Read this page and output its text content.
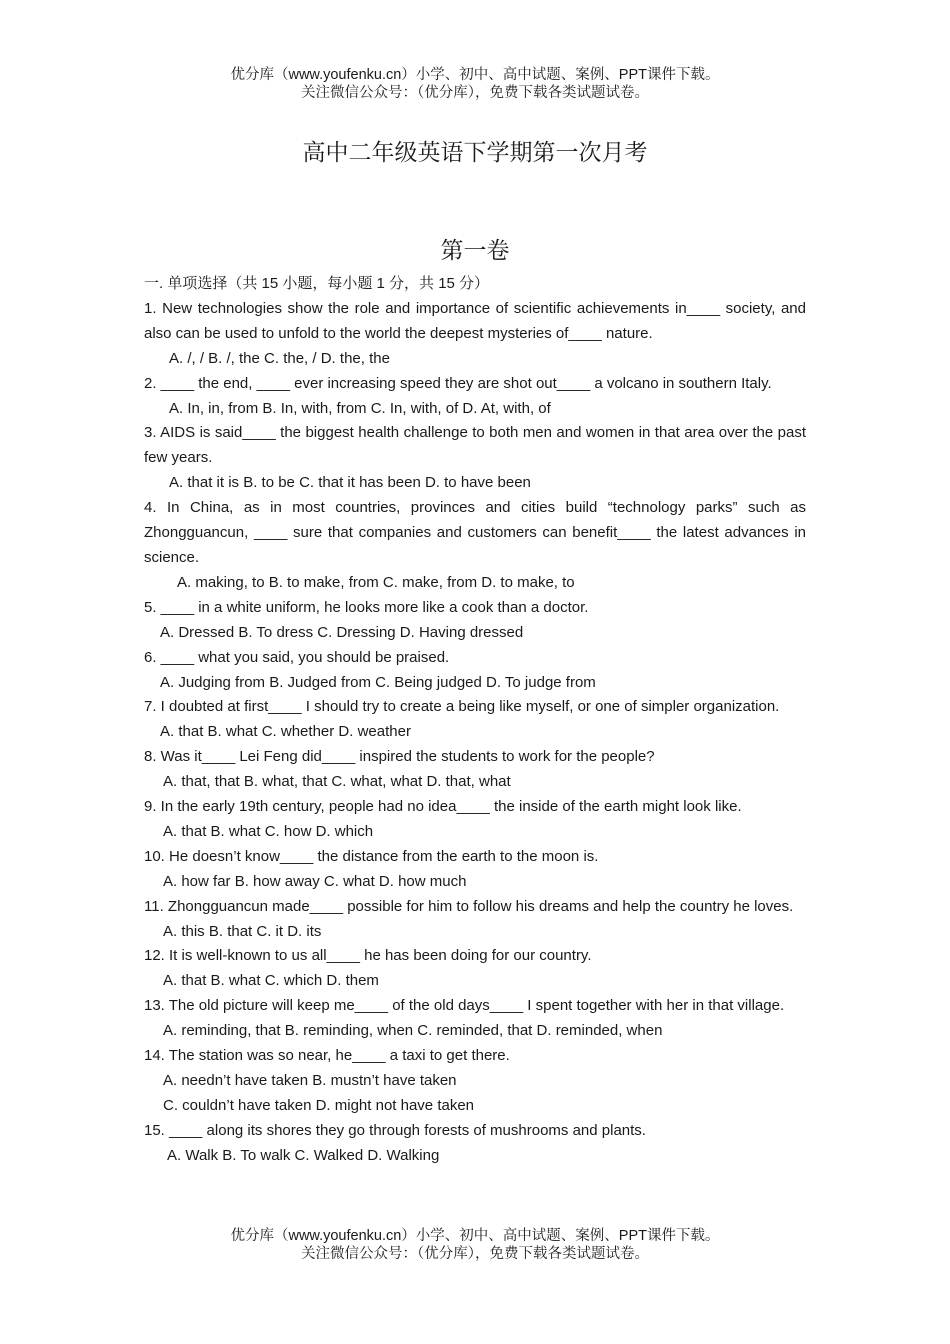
优分库（www.youfenku.cn）小学、初中、高中试题、案例、PPT课件下载。
关注微信公众号：（优分库），免费下载各类试题试卷。
高中二年级英语下学期第一次月考
第一卷
一. 单项选择（共 15 小题，每小题 1 分，共 15 分）
1. New technologies show the role and importance of scientific achievements in____ society, and also can be used to unfold to the world the deepest mysteries of____ nature.
A. /, / B. /, the C. the, / D. the, the
2. ____ the end, ____ ever increasing speed they are shot out____ a volcano in southern Italy.
A. In, in, from B. In, with, from C. In, with, of D. At, with, of
3. AIDS is said____ the biggest health challenge to both men and women in that area over the past few years.
A. that it is B. to be C. that it has been D. to have been
4. In China, as in most countries, provinces and cities build “technology parks” such as Zhongguancun, ____ sure that companies and customers can benefit____ the latest advances in science.
A. making, to B. to make, from C. make, from D. to make, to
5. ____ in a white uniform, he looks more like a cook than a doctor.
A. Dressed B. To dress C. Dressing D. Having dressed
6. ____ what you said, you should be praised.
A. Judging from B. Judged from C. Being judged D. To judge from
7. I doubted at first____ I should try to create a being like myself, or one of simpler organization.
A. that B. what C. whether D. weather
8. Was it____ Lei Feng did____ inspired the students to work for the people?
A. that, that B. what, that C. what, what D. that, what
9. In the early 19th century, people had no idea____ the inside of the earth might look like.
A. that B. what C. how D. which
10. He doesn’t know____ the distance from the earth to the moon is.
A. how far B. how away C. what D. how much
11. Zhongguancun made____ possible for him to follow his dreams and help the country he loves.
A. this B. that C. it D. its
12. It is well-known to us all____ he has been doing for our country.
A. that B. what C. which D. them
13. The old picture will keep me____ of the old days____ I spent together with her in that village.
A. reminding, that B. reminding, when C. reminded, that D. reminded, when
14. The station was so near, he____ a taxi to get there.
A. needn’t have taken B. mustn’t have taken
C. couldn’t have taken D. might not have taken
15. ____ along its shores they go through forests of mushrooms and plants.
A. Walk B. To walk C. Walked D. Walking
优分库（www.youfenku.cn）小学、初中、高中试题、案例、PPT课件下载。
关注微信公众号：（优分库），免费下载各类试题试卷。
